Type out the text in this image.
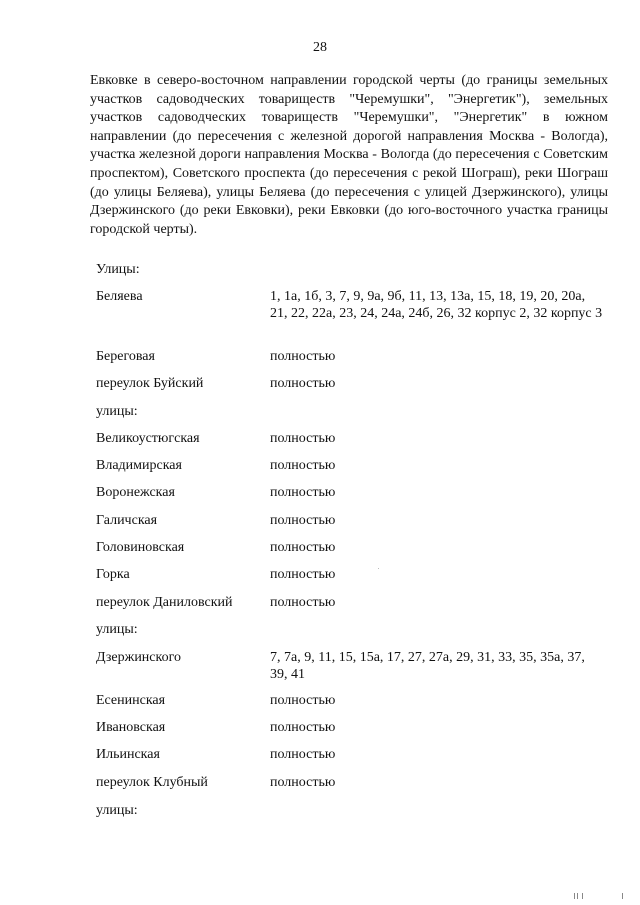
28

Евковке в северо-восточном направлении городской черты (до границы земельных участков садоводческих товариществ "Черемушки", "Энергетик"), земельных участков садоводческих товариществ "Черемушки", "Энергетик" в южном направлении (до пересечения с железной дорогой направления Москва - Вологда), участка железной дороги направления Москва - Вологда (до пересечения с Советским проспектом), Советского проспекта (до пересечения с рекой Шограш), реки Шограш (до улицы Беляева), улицы Беляева (до пересечения с улицей Дзержинского), улицы Дзержинского (до реки Евковки), реки Евковки (до юго-восточного участка границы городской черты).

Улицы:
Беляева	1, 1а, 1б, 3, 7, 9, 9а, 9б, 11, 13, 13а, 15, 18, 19, 20, 20а, 21, 22, 22а, 23, 24, 24а, 24б, 26, 32 корпус 2, 32 корпус 3
Береговая	полностью
переулок Буйский	полностью
улицы:
Великоустюгская	полностью
Владимирская	полностью
Воронежская	полностью
Галичская	полностью
Головиновская	полностью
Горка	полностью
переулок Даниловский	полностью
улицы:
Дзержинского	7, 7а, 9, 11, 15, 15а, 17, 27, 27а, 29, 31, 33, 35, 35а, 37, 39, 41
Есенинская	полностью
Ивановская	полностью
Ильинская	полностью
переулок Клубный	полностью
улицы:
